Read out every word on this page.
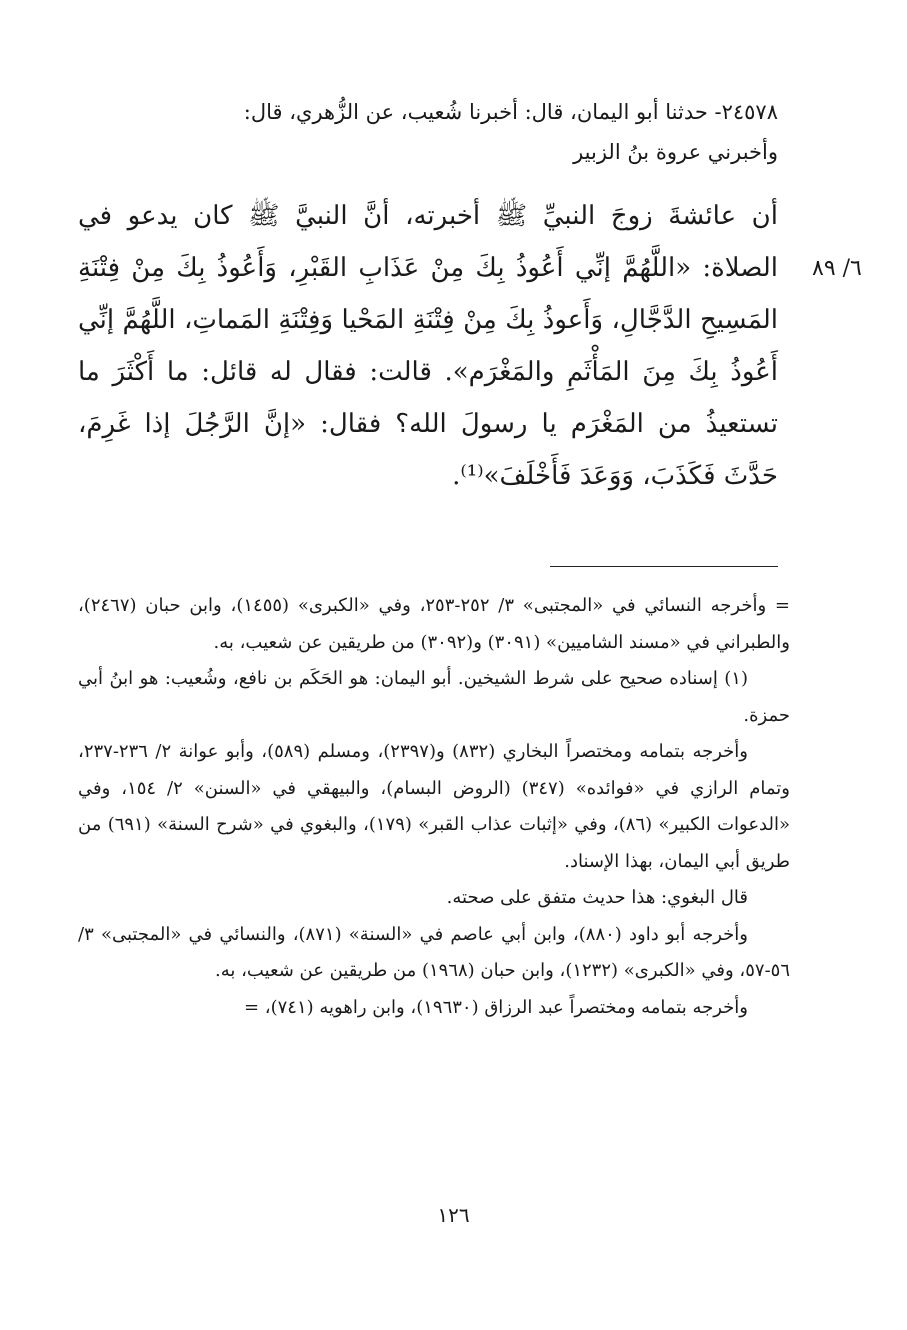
٢٤٥٧٨- حدثنا أبو اليمان، قال: أخبرنا شُعيب، عن الزُّهري، قال:
وأخبرني عروة بنُ الزبير
٦/ ٨٩
أن عائشةَ زوجَ النبيِّ ﷺ أخبرته، أنَّ النبيَّ ﷺ كان يدعو في الصلاة: «اللَّهُمَّ إنِّي أَعُوذُ بِكَ مِنْ عَذَابِ القَبْرِ، وَأَعُوذُ بِكَ مِنْ فِتْنَةِ المَسِيحِ الدَّجَّالِ، وَأَعوذُ بِكَ مِنْ فِتْنَةِ المَحْيا وَفِتْنَةِ المَماتِ، اللَّهُمَّ إنِّي أَعُوذُ بِكَ مِنَ المَأْثَمِ والمَغْرَم». قالت: فقال له قائل: ما أَكْثَرَ ما تستعيذُ من المَغْرَم يا رسولَ الله؟ فقال: «إنَّ الرَّجُلَ إذا غَرِمَ، حَدَّثَ فَكَذَبَ، وَوَعَدَ فَأَخْلَفَ»⁽¹⁾.

= وأخرجه النسائي في «المجتبى» ٣/ ٢٥٢-٢٥٣، وفي «الكبرى» (١٤٥٥)، وابن حبان (٢٤٦٧)، والطبراني في «مسند الشاميين» (٣٠٩١) و(٣٠٩٢) من طريقين عن شعيب، به.

(١) إسناده صحيح على شرط الشيخين. أبو اليمان: هو الحَكَم بن نافع، وشُعيب: هو ابنُ أبي حمزة.

وأخرجه بتمامه ومختصراً البخاري (٨٣٢) و(٢٣٩٧)، ومسلم (٥٨٩)، وأبو عوانة ٢/ ٢٣٦-٢٣٧، وتمام الرازي في «فوائده» (٣٤٧) (الروض البسام)، والبيهقي في «السنن» ٢/ ١٥٤، وفي «الدعوات الكبير» (٨٦)، وفي «إثبات عذاب القبر» (١٧٩)، والبغوي في «شرح السنة» (٦٩١) من طريق أبي اليمان، بهذا الإسناد.

قال البغوي: هذا حديث متفق على صحته.

وأخرجه أبو داود (٨٨٠)، وابن أبي عاصم في «السنة» (٨٧١)، والنسائي في «المجتبى» ٣/ ٥٦-٥٧، وفي «الكبرى» (١٢٣٢)، وابن حبان (١٩٦٨) من طريقين عن شعيب، به.

وأخرجه بتمامه ومختصراً عبد الرزاق (١٩٦٣٠)، وابن راهويه (٧٤١)، =

١٢٦
